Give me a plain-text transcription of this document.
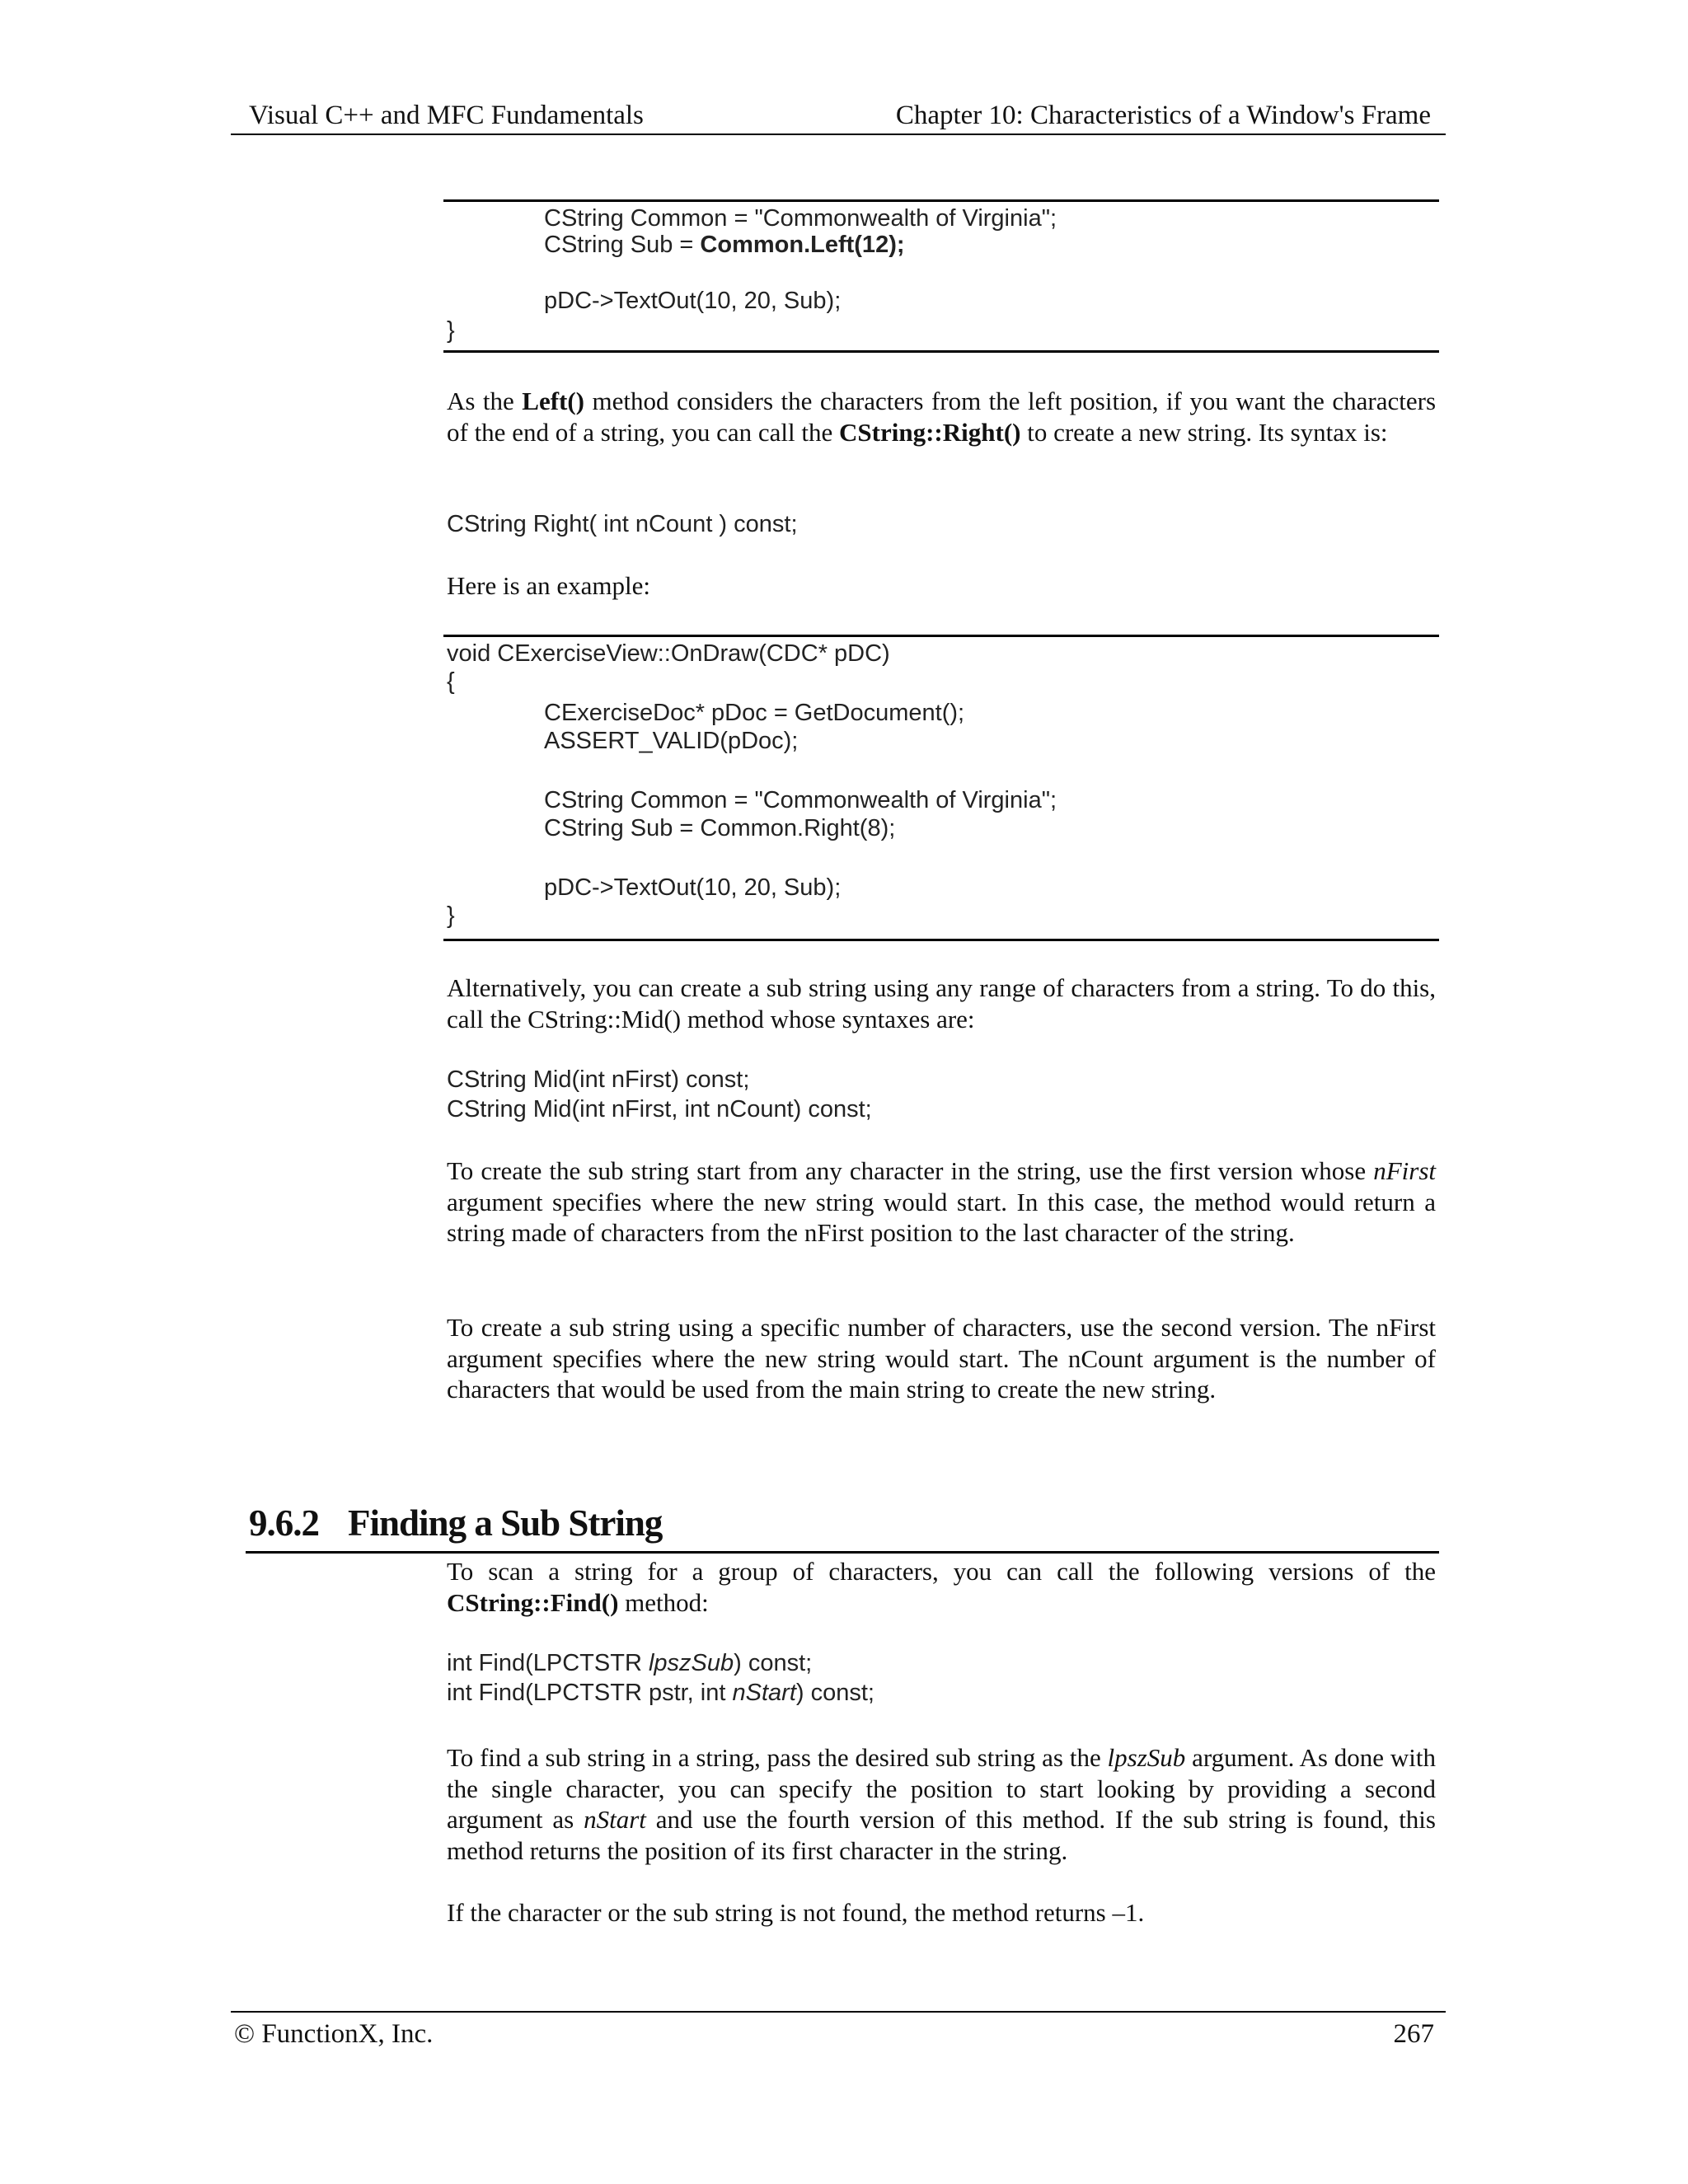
Visual C++ and MFC Fundamentals	Chapter 10: Characteristics of a Window's Frame
CString Common = "Commonwealth of Virginia";
CString Sub = Common.Left(12);
pDC->TextOut(10, 20, Sub);
}
As the Left() method considers the characters from the left position, if you want the characters of the end of a string, you can call the CString::Right() to create a new string. Its syntax is:
CString Right( int nCount ) const;
Here is an example:
void CExerciseView::OnDraw(CDC* pDC)
{
CExerciseDoc* pDoc = GetDocument();
ASSERT_VALID(pDoc);
CString Common = "Commonwealth of Virginia";
CString Sub = Common.Right(8);
pDC->TextOut(10, 20, Sub);
}
Alternatively, you can create a sub string using any range of characters from a string. To do this, call the CString::Mid() method whose syntaxes are:
CString Mid(int nFirst) const;
CString Mid(int nFirst, int nCount) const;
To create the sub string start from any character in the string, use the first version whose nFirst argument specifies where the new string would start. In this case, the method would return a string made of characters from the nFirst position to the last character of the string.
To create a sub string using a specific number of characters, use the second version. The nFirst argument specifies where the new string would start. The nCount argument is the number of characters that would be used from the main string to create the new string.
9.6.2 Finding a Sub String
To scan a string for a group of characters, you can call the following versions of the CString::Find() method:
int Find(LPCTSTR lpszSub) const;
int Find(LPCTSTR pstr, int nStart) const;
To find a sub string in a string, pass the desired sub string as the lpszSub argument. As done with the single character, you can specify the position to start looking by providing a second argument as nStart and use the fourth version of this method. If the sub string is found, this method returns the position of its first character in the string.
If the character or the sub string is not found, the method returns –1.
© FunctionX, Inc.	267
